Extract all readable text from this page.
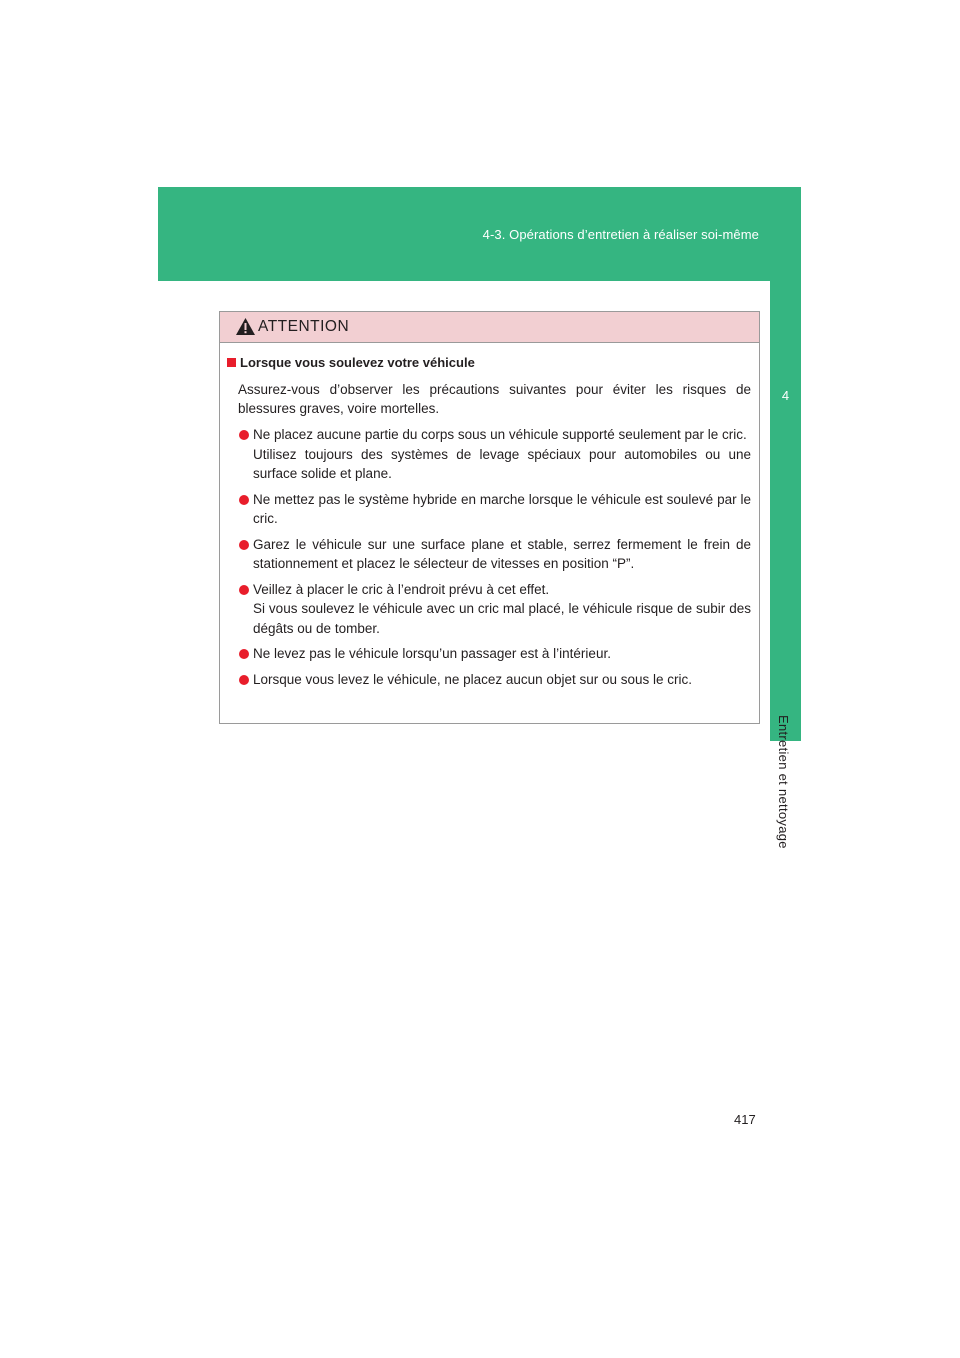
4-3. Opérations d’entretien à réaliser soi-même
4
Entretien et nettoyage
ATTENTION
Lorsque vous soulevez votre véhicule

Assurez-vous d’observer les précautions suivantes pour éviter les risques de blessures graves, voire mortelles.

Ne placez aucune partie du corps sous un véhicule supporté seulement par le cric.
Utilisez toujours des systèmes de levage spéciaux pour automobiles ou une surface solide et plane.
Ne mettez pas le système hybride en marche lorsque le véhicule est soulevé par le cric.
Garez le véhicule sur une surface plane et stable, serrez fermement le frein de stationnement et placez le sélecteur de vitesses en position “P”.
Veillez à placer le cric à l’endroit prévu à cet effet.
Si vous soulevez le véhicule avec un cric mal placé, le véhicule risque de subir des dégâts ou de tomber.
Ne levez pas le véhicule lorsqu’un passager est à l’intérieur.
Lorsque vous levez le véhicule, ne placez aucun objet sur ou sous le cric.
417
